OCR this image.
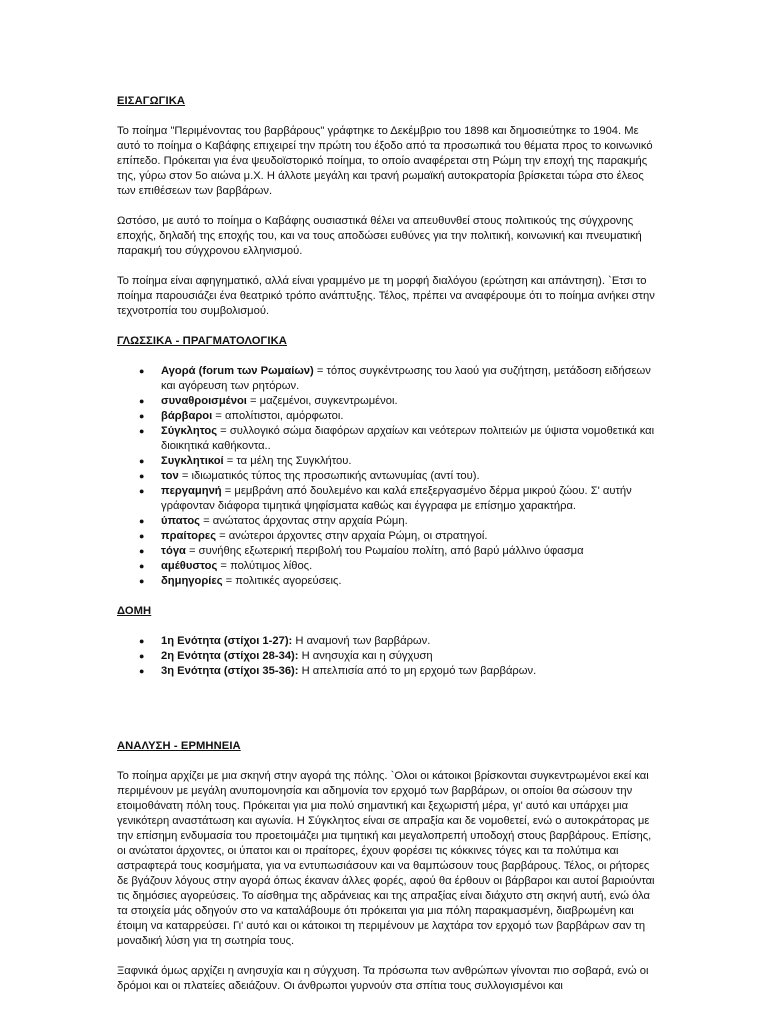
ΕΙΣΑΓΩΓΙΚΑ

Το ποίημα "Περιμένοντας του βαρβάρους" γράφτηκε το Δεκέμβριο του 1898 και δημοσιεύτηκε το 1904. Με αυτό το ποίημα ο Καβάφης επιχειρεί την πρώτη του έξοδο από τα προσωπικά του θέματα προς το κοινωνικό επίπεδο. Πρόκειται για ένα ψευδοϊστορικό ποίημα, το οποίο αναφέρεται στη Ρώμη την εποχή της παρακμής της, γύρω στον 5ο αιώνα μ.Χ. Η άλλοτε μεγάλη και τρανή ρωμαϊκή αυτοκρατορία βρίσκεται τώρα στο έλεος των επιθέσεων των βαρβάρων.

Ωστόσο, με αυτό το ποίημα ο Καβάφης ουσιαστικά θέλει να απευθυνθεί στους πολιτικούς της σύγχρονης εποχής, δηλαδή της εποχής του, και να τους αποδώσει ευθύνες για την πολιτική, κοινωνική και πνευματική παρακμή του σύγχρονου ελληνισμού.

Το ποίημα είναι αφηγηματικό, αλλά είναι γραμμένο με τη μορφή διαλόγου (ερώτηση και απάντηση). `Ετσι το ποίημα παρουσιάζει ένα θεατρικό τρόπο ανάπτυξης. Τέλος, πρέπει να αναφέρουμε ότι το ποίημα ανήκει στην τεχνοτροπία του συμβολισμού.

ΓΛΩΣΣΙΚΑ - ΠΡΑΓΜΑΤΟΛΟΓΙΚΑ
● Αγορά (forum των Ρωμαίων) = τόπος συγκέντρωσης του λαού για συζήτηση, μετάδοση ειδήσεων και αγόρευση των ρητόρων.
● συναθροισμένοι = μαζεμένοι, συγκεντρωμένοι.
● βάρβαροι = απολίτιστοι, αμόρφωτοι.
● Σύγκλητος = συλλογικό σώμα διαφόρων αρχαίων και νεότερων πολιτειών με ύψιστα νομοθετικά και διοικητικά καθήκοντα..
● Συγκλητικοί = τα μέλη της Συγκλήτου.
● τον = ιδιωματικός τύπος της προσωπικής αντωνυμίας (αντί του).
● περγαμηνή = μεμβράνη από δουλεμένο και καλά επεξεργασμένο δέρμα μικρού ζώου. Σ' αυτήν γράφονταν διάφορα τιμητικά ψηφίσματα καθώς και έγγραφα με επίσημο χαρακτήρα.
● ύπατος = ανώτατος άρχοντας στην αρχαία Ρώμη.
● πραίτορες = ανώτεροι άρχοντες στην αρχαία Ρώμη, οι στρατηγοί.
● τόγα = συνήθης εξωτερική περιβολή του Ρωμαίου πολίτη, από βαρύ μάλλινο ύφασμα
● αμέθυστος = πολύτιμος λίθος.
● δημηγορίες = πολιτικές αγορεύσεις.
ΔΟΜΗ
● 1η Ενότητα (στίχοι 1-27): Η αναμονή των βαρβάρων.
● 2η Ενότητα (στίχοι 28-34): Η ανησυχία και η σύγχυση
● 3η Ενότητα (στίχοι 35-36): Η απελπισία από το μη ερχομό των βαρβάρων.
ΑΝΑΛΥΣΗ - ΕΡΜΗΝΕΙΑ

Το ποίημα αρχίζει με μια σκηνή στην αγορά της πόλης. `Ολοι οι κάτοικοι βρίσκονται συγκεντρωμένοι εκεί και περιμένουν με μεγάλη ανυπομονησία και αδημονία τον ερχομό των βαρβάρων, οι οποίοι θα σώσουν την ετοιμοθάνατη πόλη τους. Πρόκειται για μια πολύ σημαντική και ξεχωριστή μέρα, γι' αυτό και υπάρχει μια γενικότερη αναστάτωση και αγωνία. Η Σύγκλητος είναι σε απραξία και δε νομοθετεί, ενώ ο αυτοκράτορας με την επίσημη ενδυμασία του προετοιμάζει μια τιμητική και μεγαλοπρεπή υποδοχή στους βαρβάρους. Επίσης, οι ανώτατοι άρχοντες, οι ύπατοι και οι πραίτορες, έχουν φορέσει τις κόκκινες τόγες και τα πολύτιμα και αστραφτερά τους κοσμήματα, για να εντυπωσιάσουν και να θαμπώσουν τους βαρβάρους. Τέλος, οι ρήτορες δε βγάζουν λόγους στην αγορά όπως έκαναν άλλες φορές, αφού θα έρθουν οι βάρβαροι και αυτοί βαριούνται τις δημόσιες αγορεύσεις. Το αίσθημα της αδράνειας και της απραξίας είναι διάχυτο στη σκηνή αυτή, ενώ όλα τα στοιχεία μάς οδηγούν στο να καταλάβουμε ότι πρόκειται για μια πόλη παρακμασμένη, διαβρωμένη και έτοιμη να καταρρεύσει. Γι' αυτό και οι κάτοικοι τη περιμένουν με λαχτάρα τον ερχομό των βαρβάρων σαν τη μοναδική λύση για τη σωτηρία τους.

Ξαφνικά όμως αρχίζει η ανησυχία και η σύγχυση. Τα πρόσωπα των ανθρώπων γίνονται πιο σοβαρά, ενώ οι δρόμοι και οι πλατείες αδειάζουν. Οι άνθρωποι γυρνούν στα σπίτια τους συλλογισμένοι και
